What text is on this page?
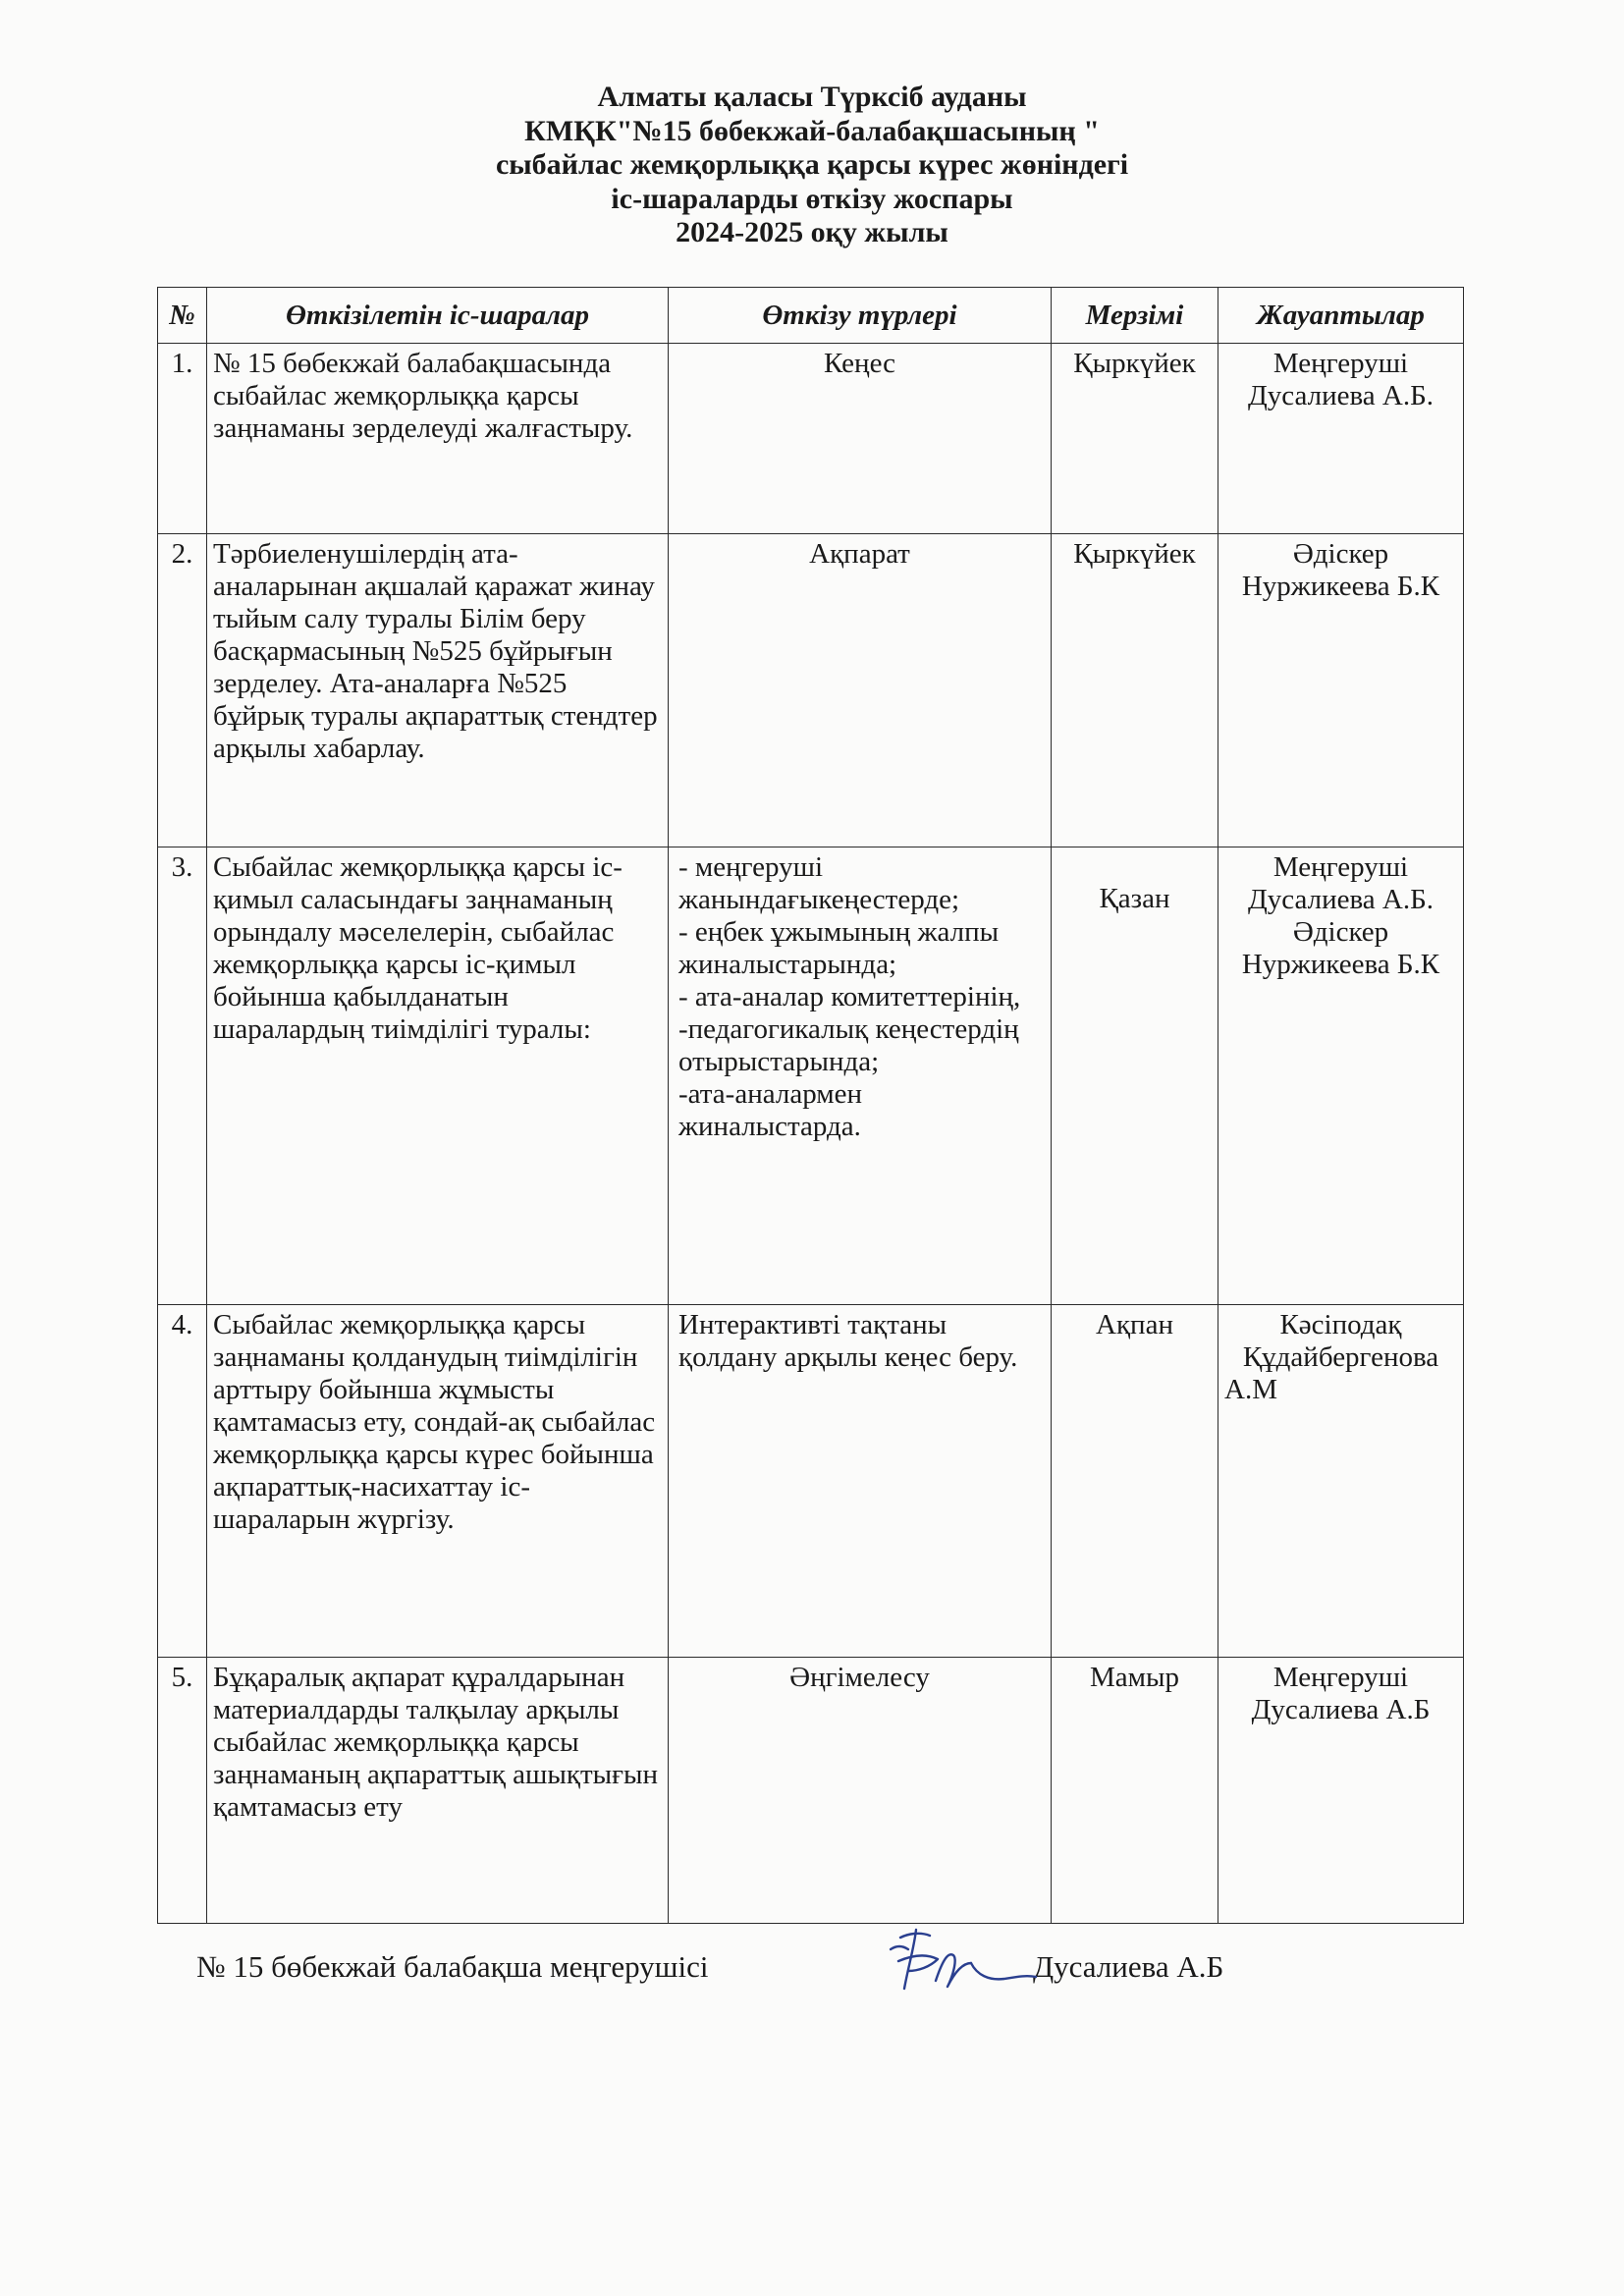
Алматы қаласы Түрксіб ауданы
КМҚК"№15 бөбекжай-балабақшасының "
сыбайлас жемқорлыққа қарсы күрес жөніндегі
іс-шараларды өткізу жоспары
2024-2025 оқу жылы
№	Өткізілетін іс-шаралар	Өткізу түрлері	Мерзімі	Жауаптылар
1.	№ 15 бөбекжай балабақшасында сыбайлас жемқорлыққа қарсы заңнаманы зерделеуді жалғастыру.	Кеңес	Қыркүйек	Меңгеруші
Дусалиева А.Б.

2.	Тәрбиеленушілердің ата-аналарынан ақшалай қаражат жинау тыйым салу туралы Білім беру басқармасының №525 бұйрығын зерделеу. Ата-аналарға №525 бұйрық туралы ақпараттық стендтер арқылы хабарлау.	Ақпарат	Қыркүйек	Әдіскер
Нуржикеева Б.К

3.	Сыбайлас жемқорлыққа қарсы іс-қимыл саласындағы заңнаманың орындалу мәселелерін, сыбайлас жемқорлыққа қарсы іс-қимыл бойынша қабылданатын шаралардың тиімділігі туралы:	- меңгеруші жанындағыкеңестерде;
- еңбек ұжымының жалпы жиналыстарында;
- ата-аналар комитеттерінің,
-педагогикалық кеңестердің отырыстарында;
-ата-аналармен жиналыстарда.	Қазан	Меңгеруші
Дусалиева А.Б.
Әдіскер
Нуржикеева Б.К

4.	Сыбайлас жемқорлыққа қарсы заңнаманы қолданудың тиімділігін арттыру бойынша жұмысты қамтамасыз ету, сондай-ақ сыбайлас жемқорлыққа қарсы күрес бойынша ақпараттық-насихаттау іс-шараларын жүргізу.	Интерактивті тақтаны қолдану арқылы кеңес беру.	Ақпан	Кәсіподақ
Құдайбергенова
А.М

5.	Бұқаралық ақпарат құралдарынан материалдарды талқылау арқылы сыбайлас жемқорлыққа қарсы заңнаманың ақпараттық ашықтығын қамтамасыз ету	Әңгімелесу	Мамыр	Меңгеруші
Дусалиева А.Б
№ 15 бөбекжай балабақша меңгерушісі	Дусалиева А.Б
